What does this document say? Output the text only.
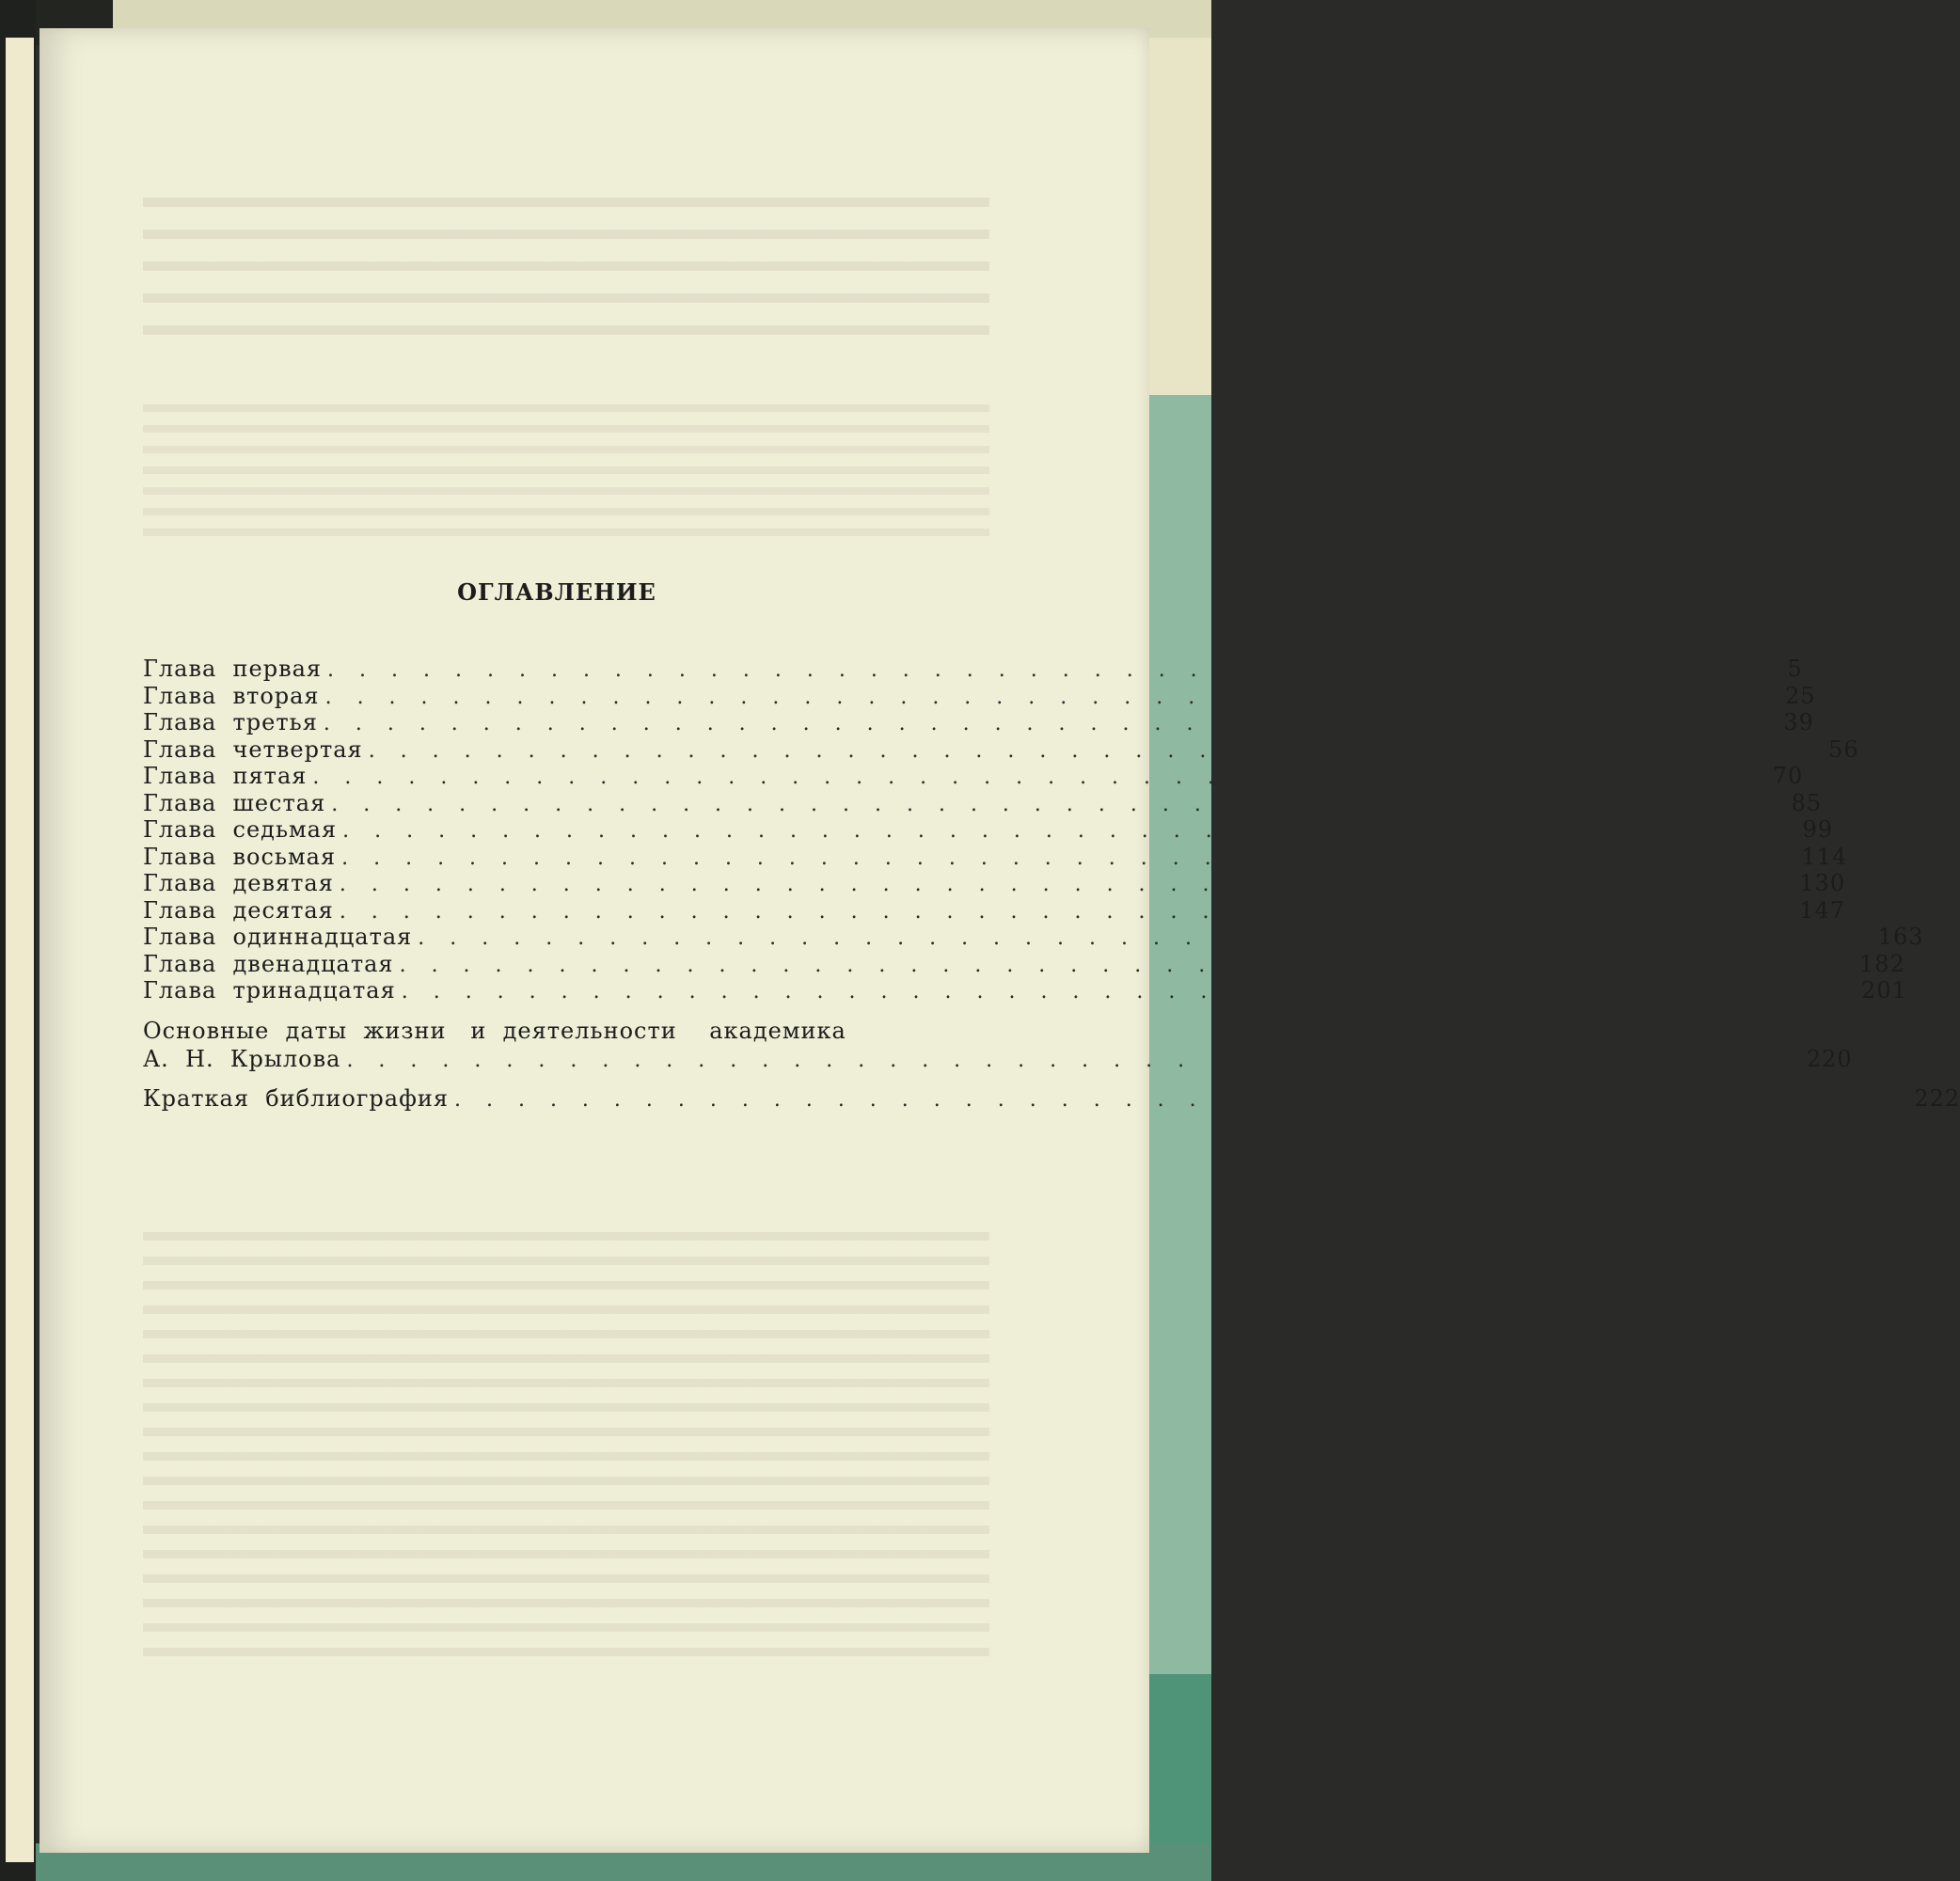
ОГЛАВЛЕНИЕ
Глава  первая . . . . . . . . . . . . . . . . . . . . . . . . . . . . . . . . . . . . . . . . . . . . . . 5
Глава  вторая . . . . . . . . . . . . . . . . . . . . . . . . . . . . . . . . . . . . . . . . . . . . . . 25
Глава  третья . . . . . . . . . . . . . . . . . . . . . . . . . . . . . . . . . . . . . . . . . . . . . . 39
Глава  четвертая . . . . . . . . . . . . . . . . . . . . . . . . . . . . . . . . . . . . . . . . . . . . . . 56
Глава  пятая . . . . . . . . . . . . . . . . . . . . . . . . . . . . . . . . . . . . . . . . . . . . . . 70
Глава  шестая . . . . . . . . . . . . . . . . . . . . . . . . . . . . . . . . . . . . . . . . . . . . . . 85
Глава  седьмая . . . . . . . . . . . . . . . . . . . . . . . . . . . . . . . . . . . . . . . . . . . . . . 99
Глава  восьмая . . . . . . . . . . . . . . . . . . . . . . . . . . . . . . . . . . . . . . . . . . . . . . 114
Глава  девятая . . . . . . . . . . . . . . . . . . . . . . . . . . . . . . . . . . . . . . . . . . . . . . 130
Глава  десятая . . . . . . . . . . . . . . . . . . . . . . . . . . . . . . . . . . . . . . . . . . . . . . 147
Глава  одиннадцатая . . . . . . . . . . . . . . . . . . . . . . . . . . . . . . . . . . . . . . . . . . . . . . 163
Глава  двенадцатая . . . . . . . . . . . . . . . . . . . . . . . . . . . . . . . . . . . . . . . . . . . . . . 182
Глава  тринадцатая . . . . . . . . . . . . . . . . . . . . . . . . . . . . . . . . . . . . . . . . . . . . . . 201
Основные  даты  жизни   и  деятельности    академика
А.  Н.  Крылова . . . . . . . . . . . . . . . . . . . . . . . . . . . . . . . . . . . . . . . . . . . . . . 220
Краткая  библиография . . . . . . . . . . . . . . . . . . . . . . . . . . . . . . . . . . . . . . . . . . . . . . 222
